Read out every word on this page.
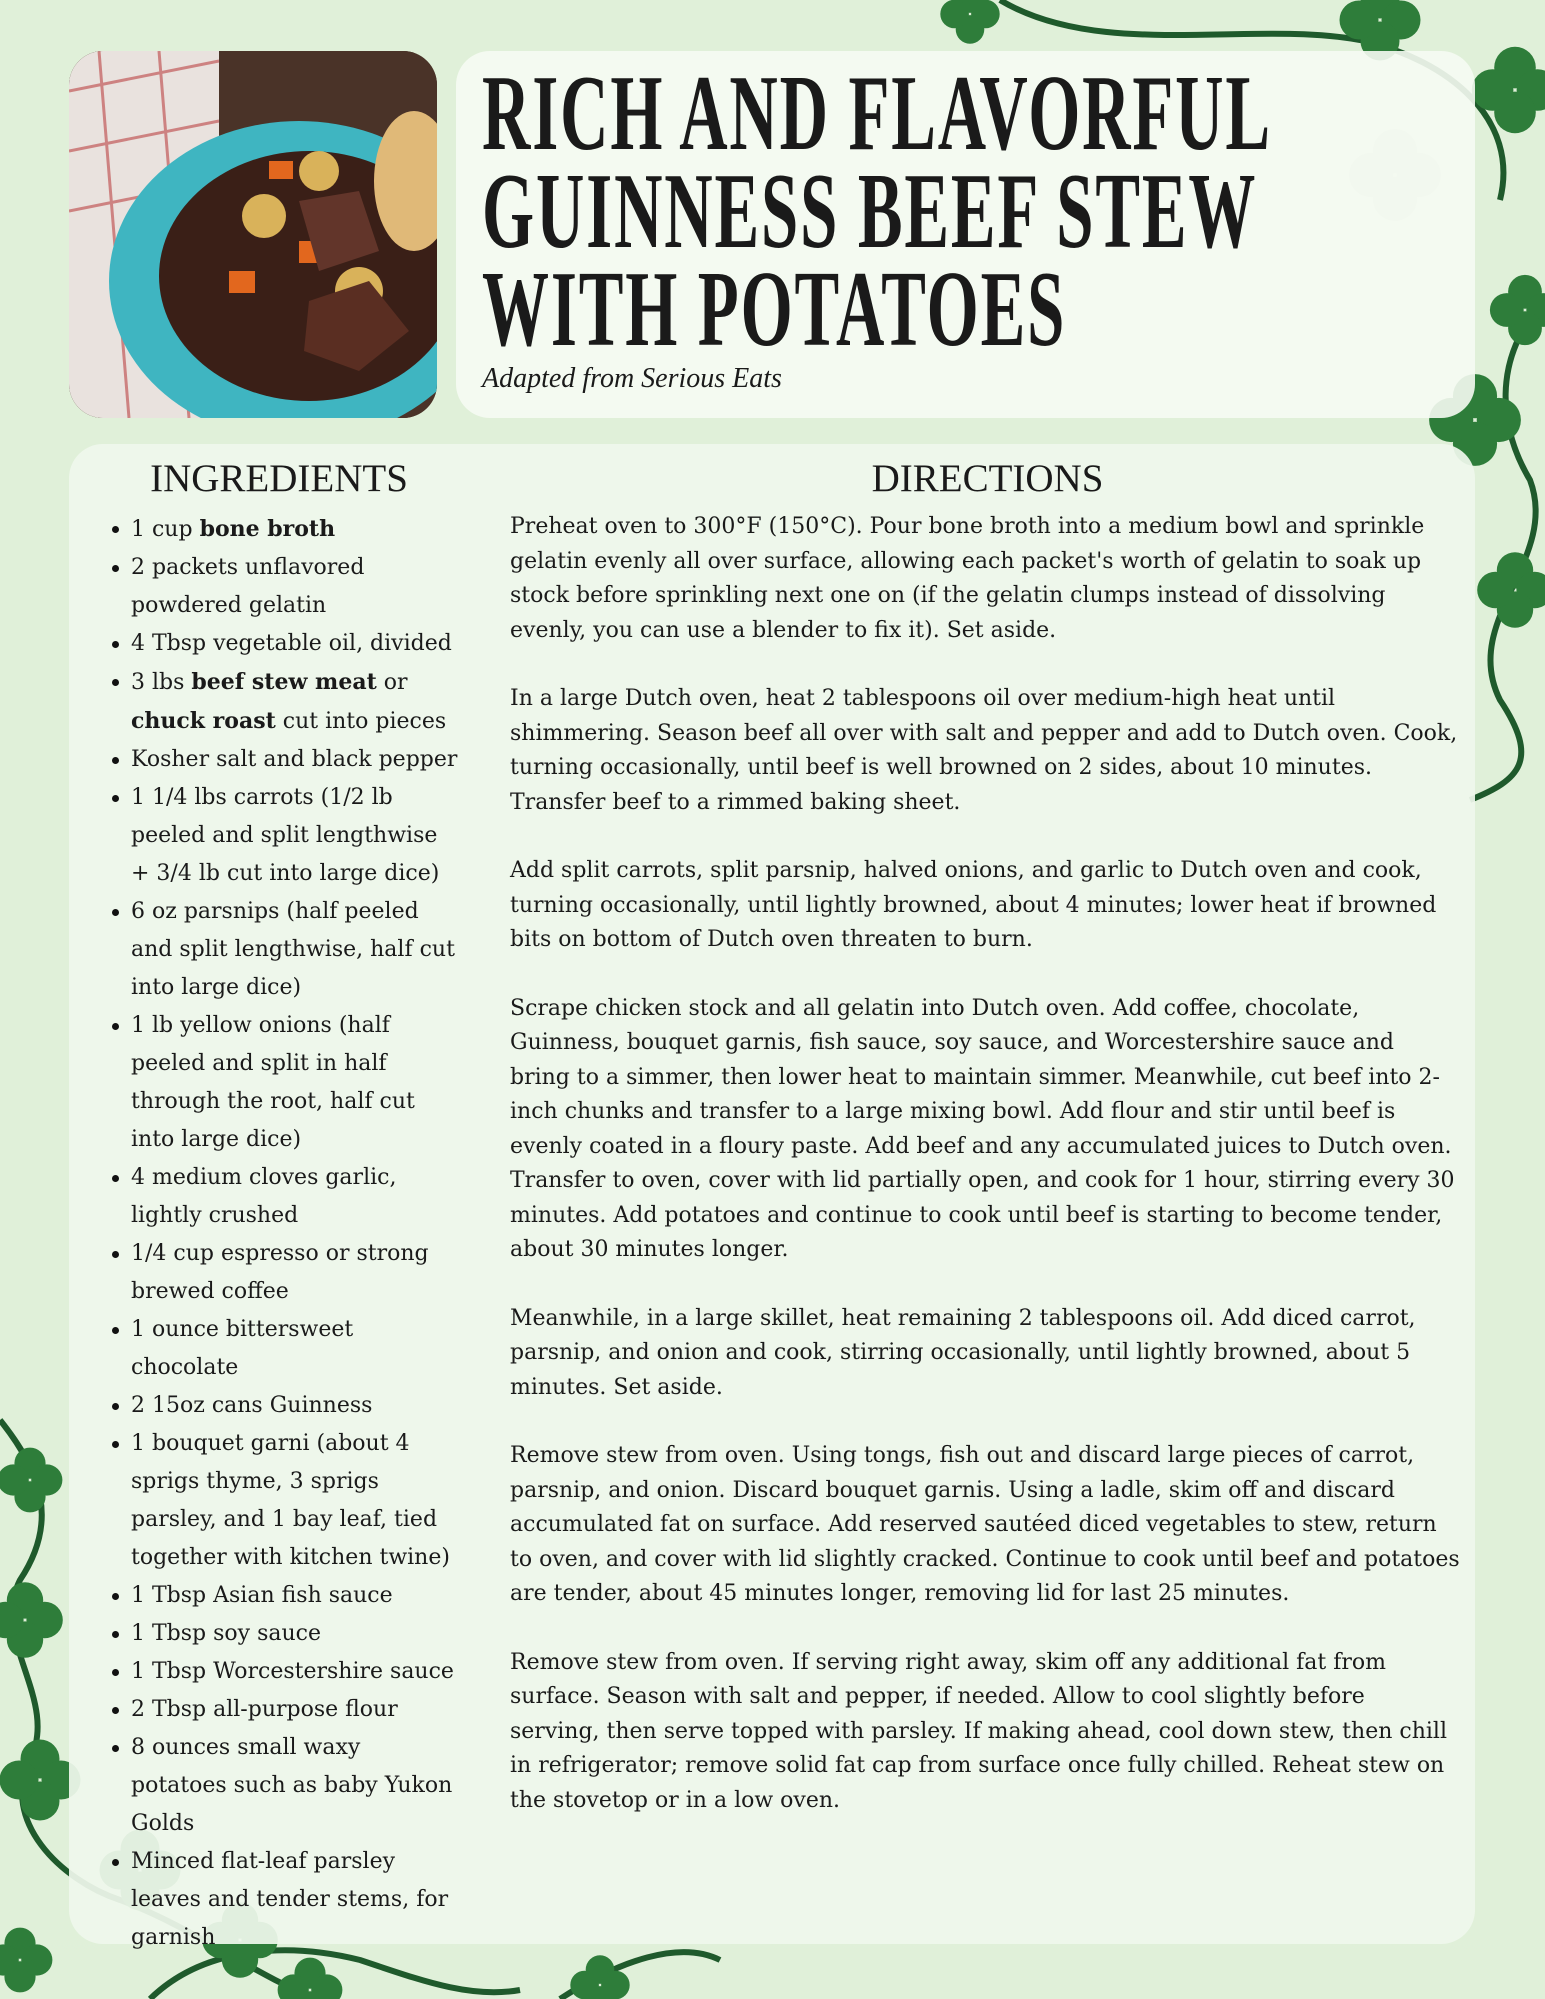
RICH AND FLAVORFUL
GUINNESS BEEF STEW
WITH POTATOES
Adapted from Serious Eats
INGREDIENTS
1 cup bone broth
2 packets unflavored powdered gelatin
4 Tbsp vegetable oil, divided
3 lbs beef stew meat or chuck roast cut into pieces
Kosher salt and black pepper
1 1/4 lbs carrots (1/2 lb peeled and split lengthwise + 3/4 lb cut into large dice)
6 oz parsnips (half peeled and split lengthwise, half cut into large dice)
1 lb yellow onions (half peeled and split in half through the root, half cut into large dice)
4 medium cloves garlic, lightly crushed
1/4 cup espresso or strong brewed coffee
1 ounce bittersweet chocolate
2 15oz cans Guinness
1 bouquet garni (about 4 sprigs thyme, 3 sprigs parsley, and 1 bay leaf, tied together with kitchen twine)
1 Tbsp Asian fish sauce
1 Tbsp soy sauce
1 Tbsp Worcestershire sauce
2 Tbsp all-purpose flour
8 ounces small waxy potatoes such as baby Yukon Golds
Minced flat-leaf parsley leaves and tender stems, for garnish
DIRECTIONS

Preheat oven to 300°F (150°C). Pour bone broth into a medium bowl and sprinkle gelatin evenly all over surface, allowing each packet's worth of gelatin to soak up stock before sprinkling next one on (if the gelatin clumps instead of dissolving evenly, you can use a blender to fix it). Set aside.

In a large Dutch oven, heat 2 tablespoons oil over medium-high heat until shimmering. Season beef all over with salt and pepper and add to Dutch oven. Cook, turning occasionally, until beef is well browned on 2 sides, about 10 minutes. Transfer beef to a rimmed baking sheet.

Add split carrots, split parsnip, halved onions, and garlic to Dutch oven and cook, turning occasionally, until lightly browned, about 4 minutes; lower heat if browned bits on bottom of Dutch oven threaten to burn.

Scrape chicken stock and all gelatin into Dutch oven. Add coffee, chocolate, Guinness, bouquet garnis, fish sauce, soy sauce, and Worcestershire sauce and bring to a simmer, then lower heat to maintain simmer. Meanwhile, cut beef into 2-inch chunks and transfer to a large mixing bowl. Add flour and stir until beef is evenly coated in a floury paste. Add beef and any accumulated juices to Dutch oven. Transfer to oven, cover with lid partially open, and cook for 1 hour, stirring every 30 minutes. Add potatoes and continue to cook until beef is starting to become tender, about 30 minutes longer.

Meanwhile, in a large skillet, heat remaining 2 tablespoons oil. Add diced carrot, parsnip, and onion and cook, stirring occasionally, until lightly browned, about 5 minutes. Set aside.

Remove stew from oven. Using tongs, fish out and discard large pieces of carrot, parsnip, and onion. Discard bouquet garnis. Using a ladle, skim off and discard accumulated fat on surface. Add reserved sautéed diced vegetables to stew, return to oven, and cover with lid slightly cracked. Continue to cook until beef and potatoes are tender, about 45 minutes longer, removing lid for last 25 minutes.

Remove stew from oven. If serving right away, skim off any additional fat from surface. Season with salt and pepper, if needed. Allow to cool slightly before serving, then serve topped with parsley. If making ahead, cool down stew, then chill in refrigerator; remove solid fat cap from surface once fully chilled. Reheat stew on the stovetop or in a low oven.
